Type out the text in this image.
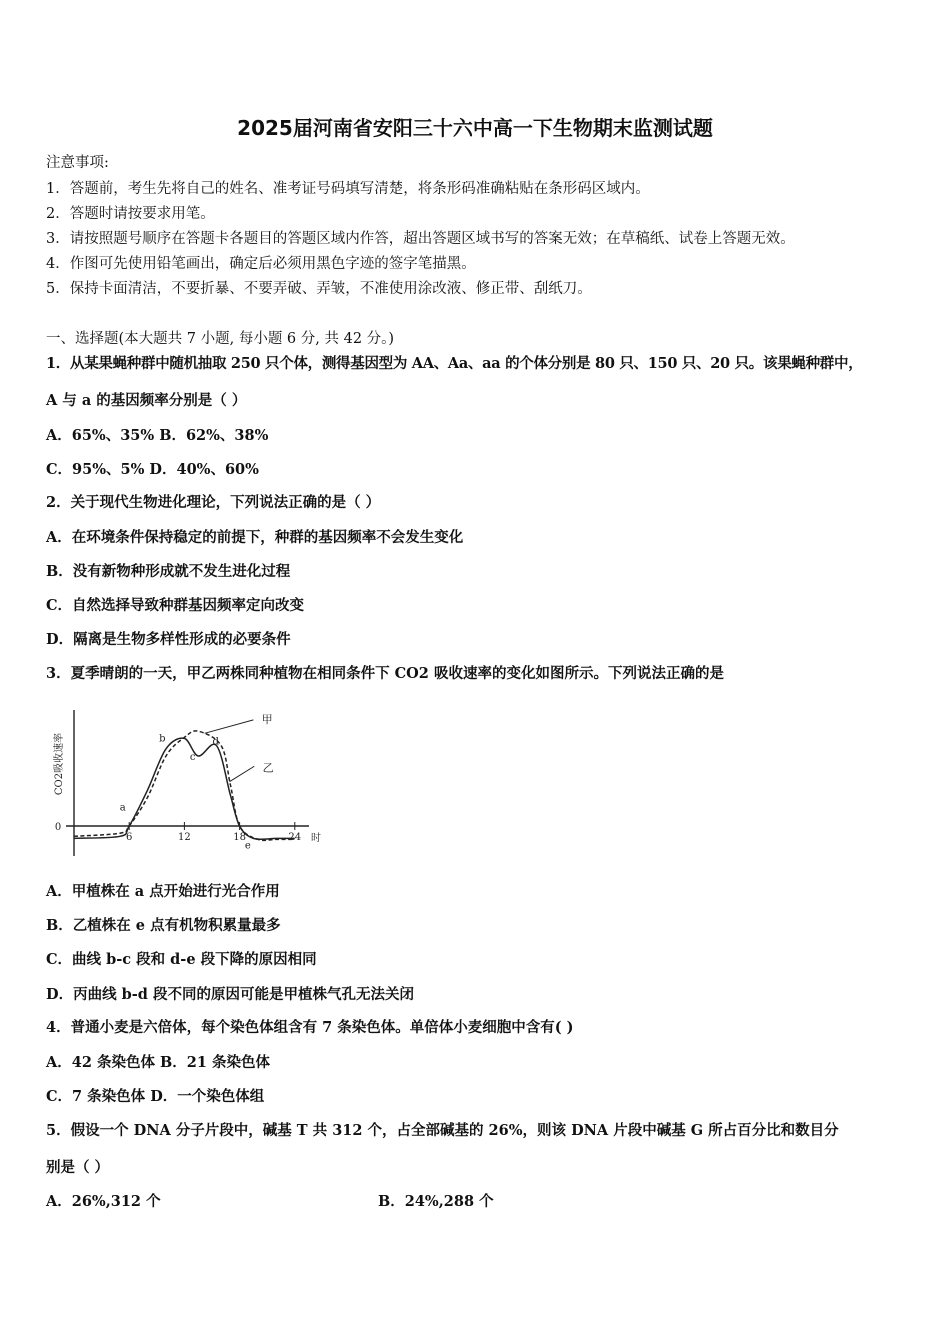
2025届河南省安阳三十六中高一下生物期末监测试题
注意事项:
1．答题前，考生先将自己的姓名、准考证号码填写清楚，将条形码准确粘贴在条形码区域内。
2．答题时请按要求用笔。
3．请按照题号顺序在答题卡各题目的答题区域内作答，超出答题区域书写的答案无效；在草稿纸、试卷上答题无效。
4．作图可先使用铅笔画出，确定后必须用黑色字迹的签字笔描黑。
5．保持卡面清洁，不要折暴、不要弄破、弄皱，不准使用涂改液、修正带、刮纸刀。
一、选择题(本大题共 7 小题, 每小题 6 分, 共 42 分。)
1．从某果蝇种群中随机抽取 250 只个体，测得基因型为 AA、Aa、aa 的个体分别是 80 只、150 只、20 只。该果蝇种群中，
A 与 a 的基因频率分别是（ ）
A．65%、35% B．62%、38%
C．95%、5% D．40%、60%
2．关于现代生物进化理论，下列说法正确的是（ ）
A．在环境条件保持稳定的前提下，种群的基因频率不会发生变化
B．没有新物种形成就不发生进化过程
C．自然选择导致种群基因频率定向改变
D．隔离是生物多样性形成的必要条件
3．夏季晴朗的一天，甲乙两株同种植物在相同条件下 CO2 吸收速率的变化如图所示。下列说法正确的是
CO2吸收速率
0
时
6	12	18	24
a
b
c
d
e
甲
乙
A．甲植株在 a 点开始进行光合作用
B．乙植株在 e 点有机物积累量最多
C．曲线 b-c 段和 d-e 段下降的原因相同
D．丙曲线 b-d 段不同的原因可能是甲植株气孔无法关闭
4．普通小麦是六倍体，每个染色体组含有 7 条染色体。单倍体小麦细胞中含有( )
A．42 条染色体 B．21 条染色体
C．7 条染色体 D．一个染色体组
5．假设一个 DNA 分子片段中，碱基 T 共 312 个，占全部碱基的 26%，则该 DNA 片段中碱基 G 所占百分比和数目分
别是（ ）
A．26%,312 个	B．24%,288 个
